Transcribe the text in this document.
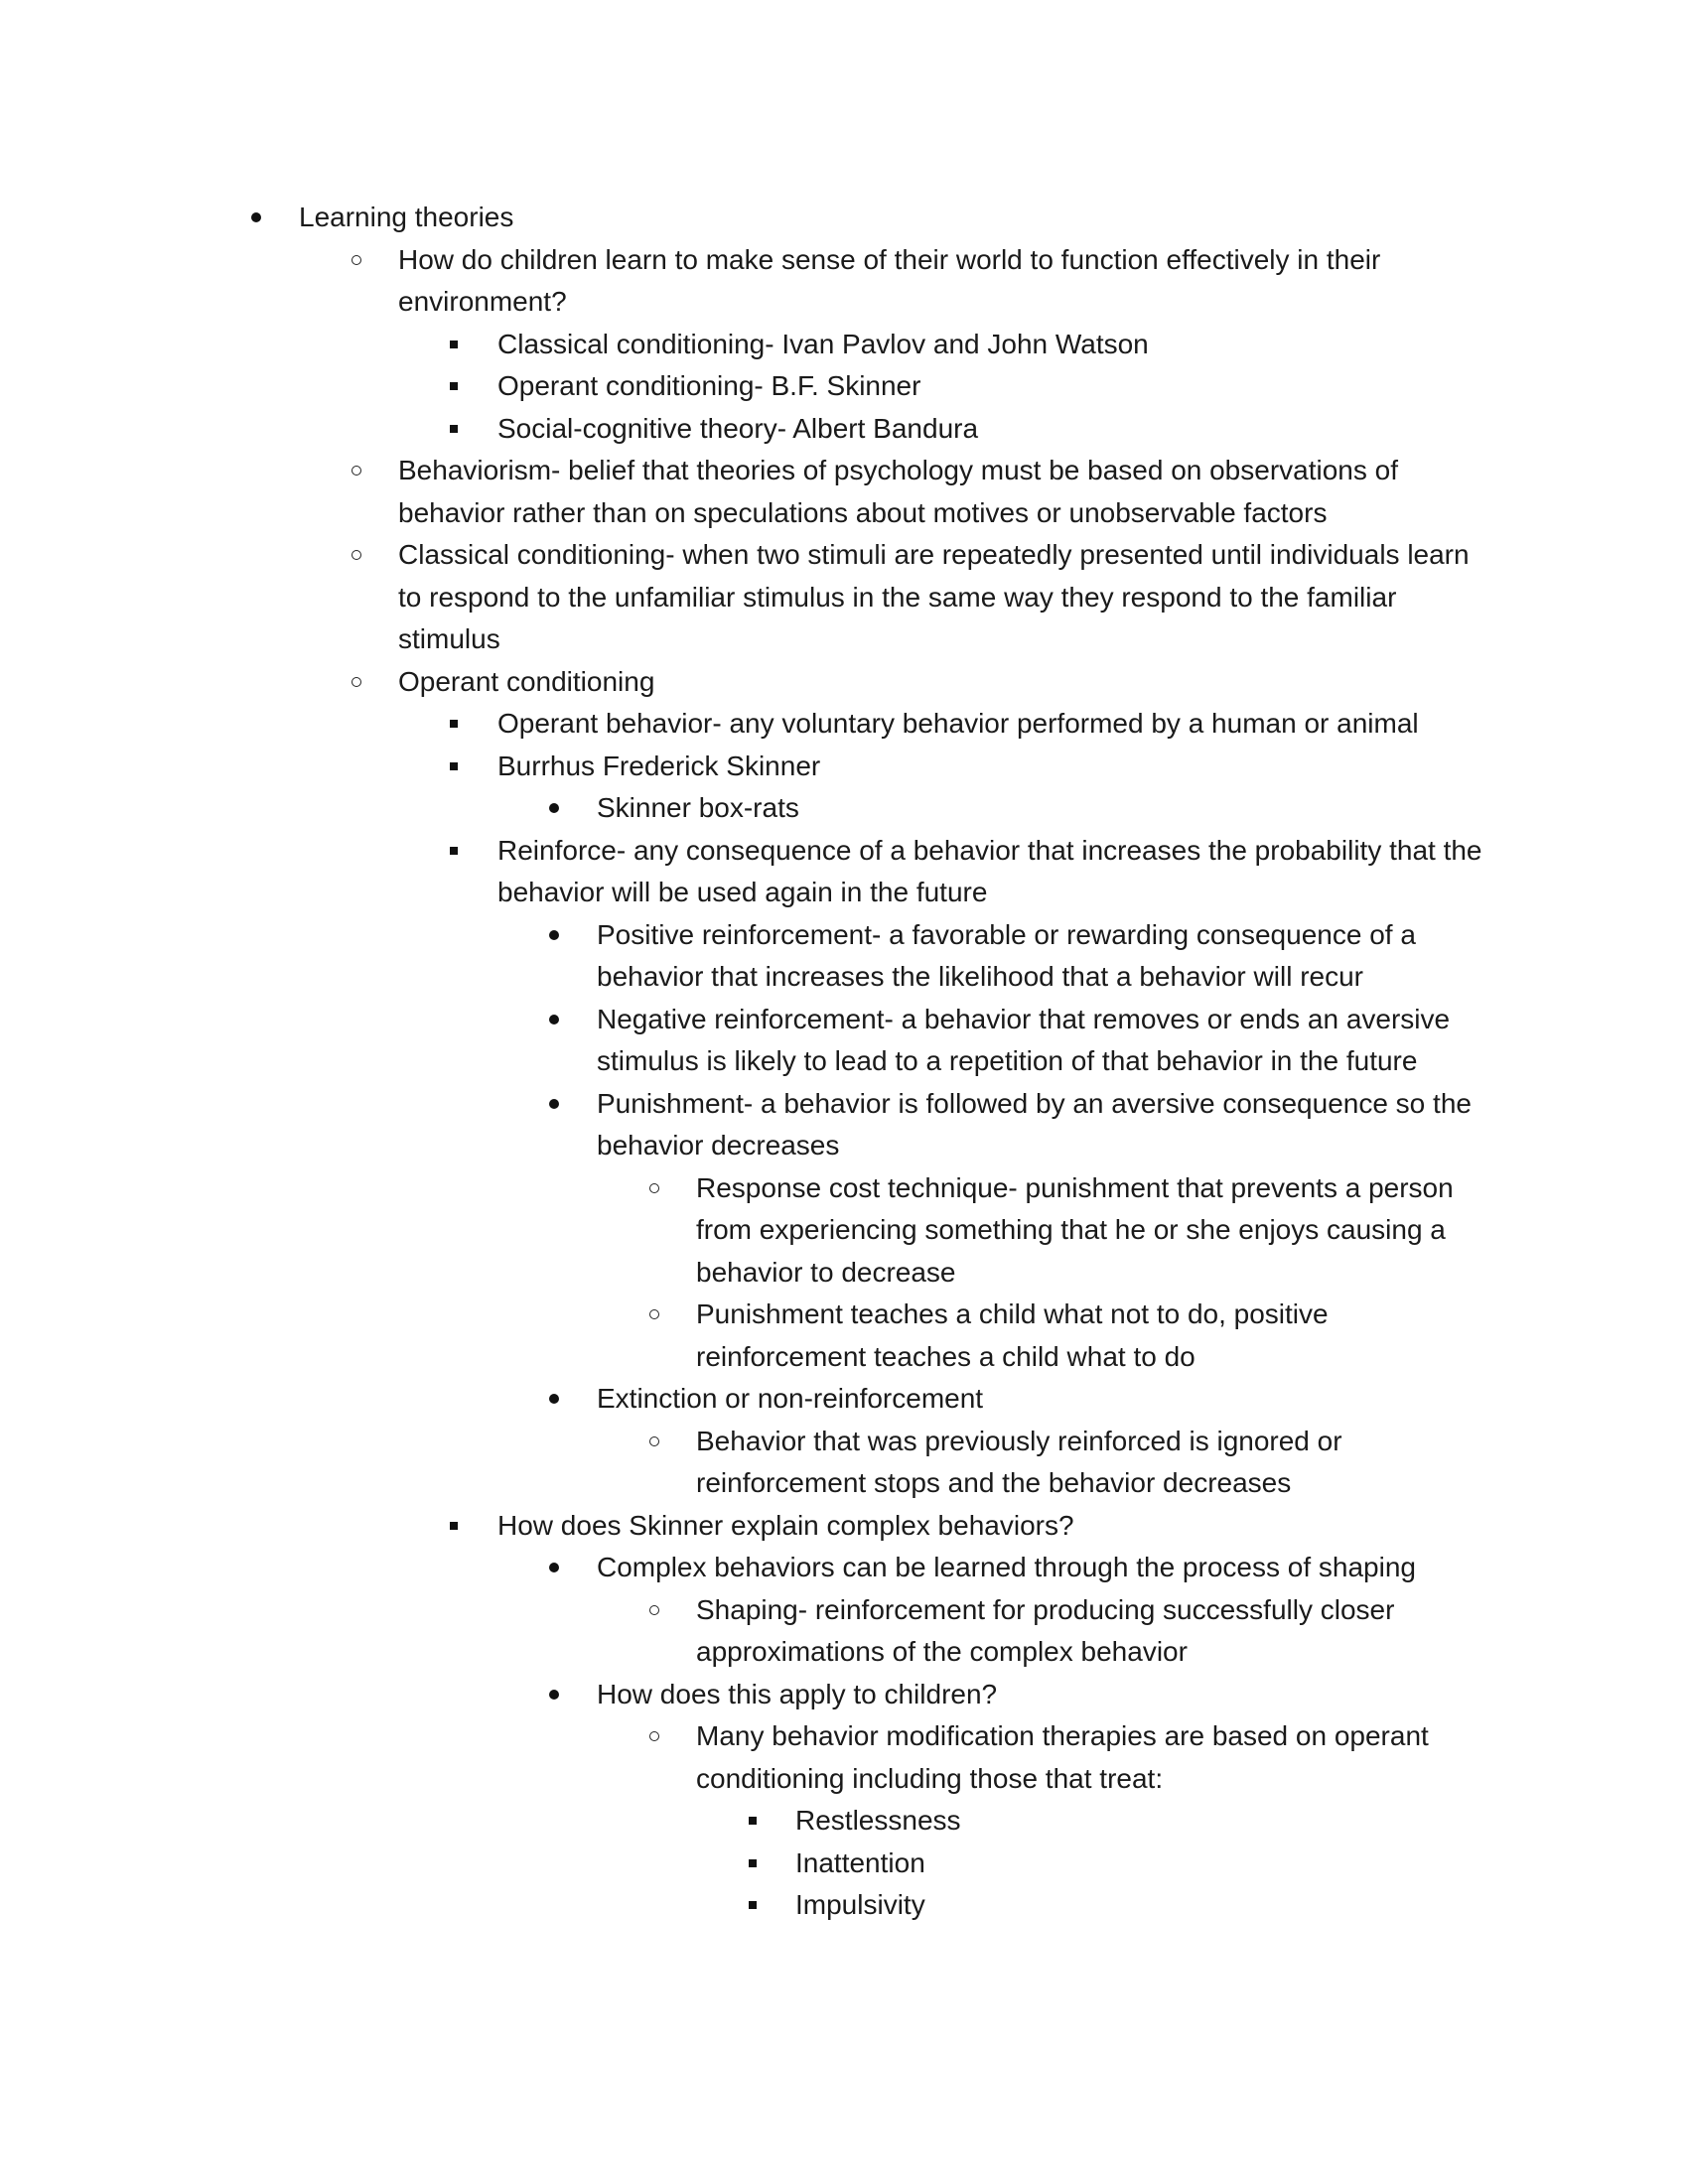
Learning theories
How do children learn to make sense of their world to function effectively in their environment?
Classical conditioning- Ivan Pavlov and John Watson
Operant conditioning- B.F. Skinner
Social-cognitive theory- Albert Bandura
Behaviorism- belief that theories of psychology must be based on observations of behavior rather than on speculations about motives or unobservable factors
Classical conditioning- when two stimuli are repeatedly presented until individuals learn to respond to the unfamiliar stimulus in the same way they respond to the familiar stimulus
Operant conditioning
Operant behavior- any voluntary behavior performed by a human or animal
Burrhus Frederick Skinner
Skinner box-rats
Reinforce- any consequence of a behavior that increases the probability that the behavior will be used again in the future
Positive reinforcement- a favorable or rewarding consequence of a behavior that increases the likelihood that a behavior will recur
Negative reinforcement- a behavior that removes or ends an aversive stimulus is likely to lead to a repetition of that behavior in the future
Punishment- a behavior is followed by an aversive consequence so the behavior decreases
Response cost technique- punishment that prevents a person from experiencing something that he or she enjoys causing a behavior to decrease
Punishment teaches a child what not to do, positive reinforcement teaches a child what to do
Extinction or non-reinforcement
Behavior that was previously reinforced is ignored or reinforcement stops and the behavior decreases
How does Skinner explain complex behaviors?
Complex behaviors can be learned through the process of shaping
Shaping- reinforcement for producing successfully closer approximations of the complex behavior
How does this apply to children?
Many behavior modification therapies are based on operant conditioning including those that treat:
Restlessness
Inattention
Impulsivity
